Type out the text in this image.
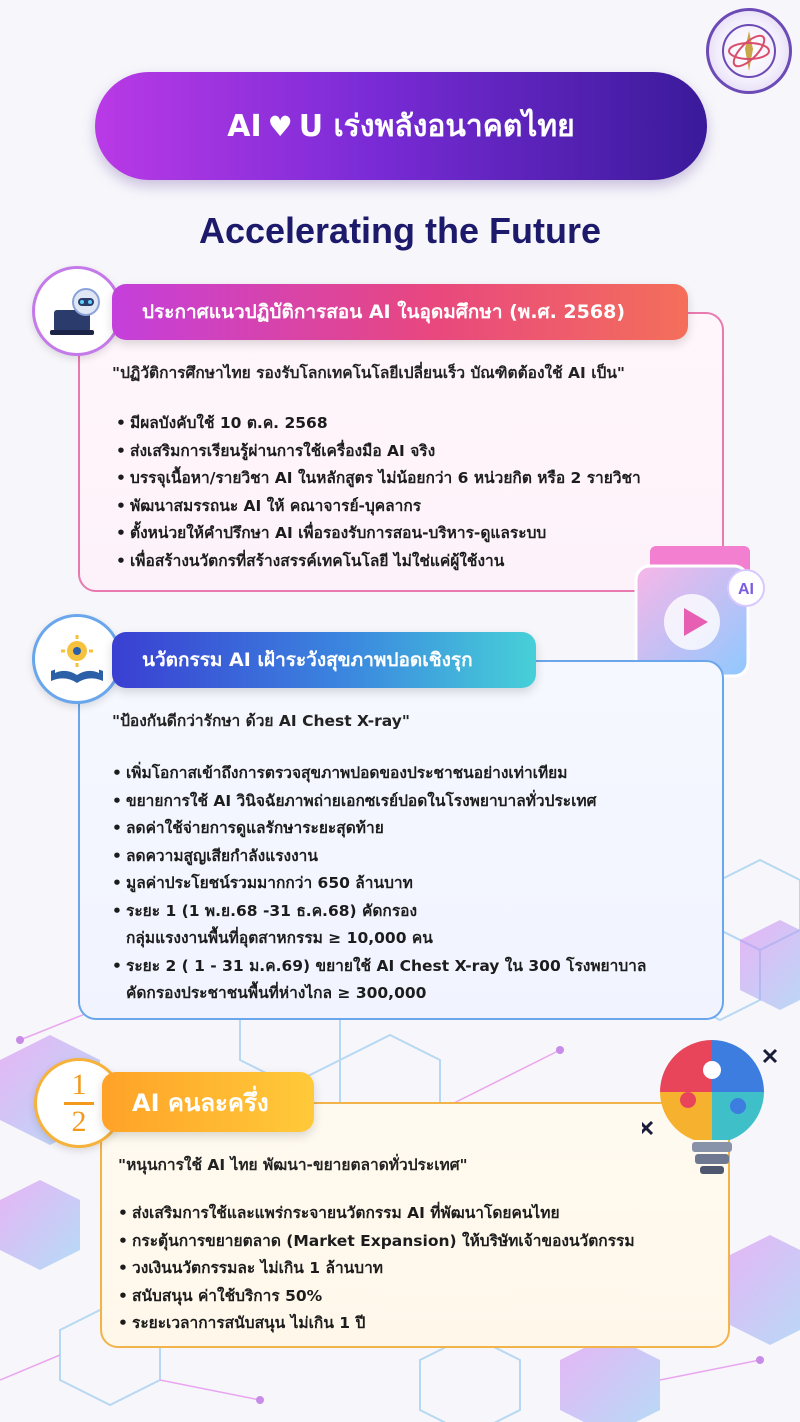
AI ♥ U เร่งพลังอนาคตไทย
Accelerating the Future
ประกาศแนวปฏิบัติการสอน AI ในอุดมศึกษา (พ.ศ. 2568)
"ปฏิวัติการศึกษาไทย รองรับโลกเทคโนโลยีเปลี่ยนเร็ว บัณฑิตต้องใช้ AI เป็น"
• มีผลบังคับใช้ 10 ต.ค. 2568
• ส่งเสริมการเรียนรู้ผ่านการใช้เครื่องมือ AI จริง
• บรรจุเนื้อหา/รายวิชา AI ในหลักสูตร ไม่น้อยกว่า 6 หน่วยกิต หรือ 2 รายวิชา
• พัฒนาสมรรถนะ AI ให้ คณาจารย์-บุคลากร
• ตั้งหน่วยให้คำปรึกษา AI เพื่อรองรับการสอน-บริหาร-ดูแลระบบ
• เพื่อสร้างนวัตกรที่สร้างสรรค์เทคโนโลยี ไม่ใช่แค่ผู้ใช้งาน
AI
นวัตกรรม AI เฝ้าระวังสุขภาพปอดเชิงรุก
"ป้องกันดีกว่ารักษา ด้วย AI Chest X-ray"
• เพิ่มโอกาสเข้าถึงการตรวจสุขภาพปอดของประชาชนอย่างเท่าเทียม
• ขยายการใช้ AI วินิจฉัยภาพถ่ายเอกซเรย์ปอดในโรงพยาบาลทั่วประเทศ
• ลดค่าใช้จ่ายการดูแลรักษาระยะสุดท้าย
• ลดความสูญเสียกำลังแรงงาน
• มูลค่าประโยชน์รวมมากกว่า 650 ล้านบาท
• ระยะ 1 (1 พ.ย.68 -31 ธ.ค.68) คัดกรอง
กลุ่มแรงงานพื้นที่อุตสาหกรรม ≥ 10,000 คน
• ระยะ 2 ( 1 - 31 ม.ค.69) ขยายใช้ AI Chest X-ray ใน 300 โรงพยาบาล
คัดกรองประชาชนพื้นที่ห่างไกล ≥ 300,000
1
2
AI คนละครึ่ง
"หนุนการใช้ AI ไทย พัฒนา-ขยายตลาดทั่วประเทศ"
• ส่งเสริมการใช้และแพร่กระจายนวัตกรรม AI ที่พัฒนาโดยคนไทย
• กระตุ้นการขยายตลาด (Market Expansion) ให้บริษัทเจ้าของนวัตกรรม
• วงเงินนวัตกรรมละ ไม่เกิน 1 ล้านบาท
• สนับสนุน ค่าใช้บริการ 50%
• ระยะเวลาการสนับสนุน ไม่เกิน 1 ปี
